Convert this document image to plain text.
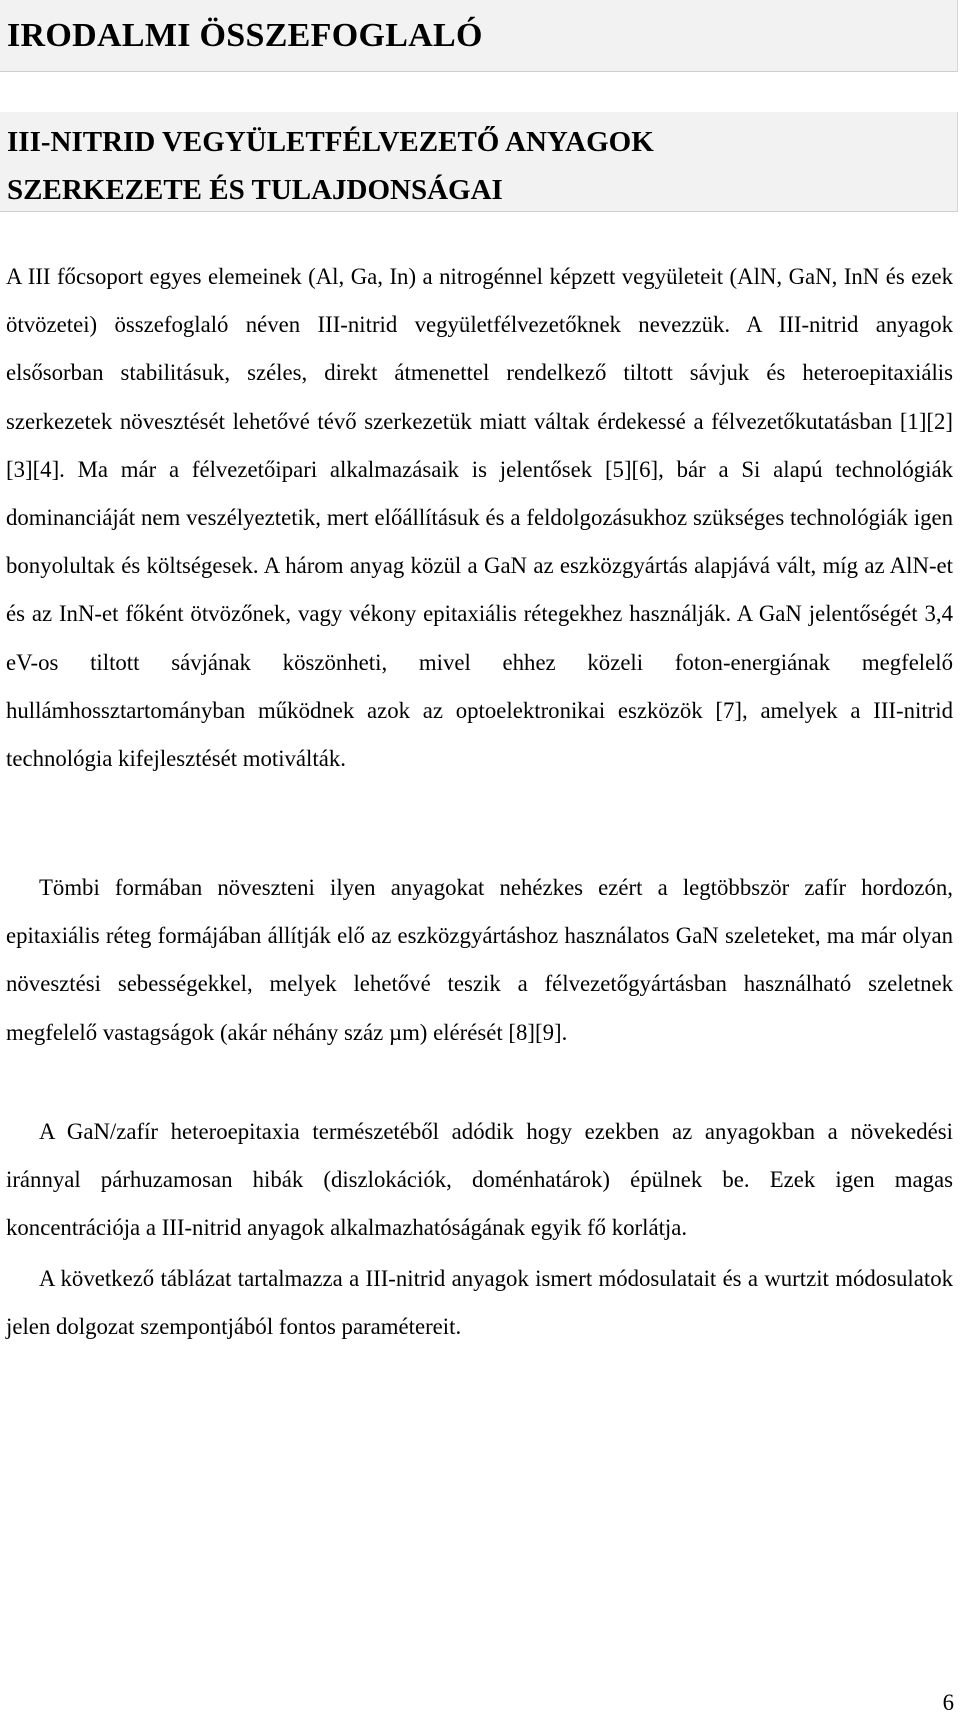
IRODALMI ÖSSZEFOGLALÓ
III-NITRID VEGYÜLETFÉLVEZETŐ ANYAGOK
SZERKEZETE ÉS TULAJDONSÁGAI

A III főcsoport egyes elemeinek (Al, Ga, In) a nitrogénnel képzett vegyületeit (AlN, GaN, InN és ezek ötvözetei) összefoglaló néven III-nitrid vegyületfélvezetőknek nevezzük. A III-nitrid anyagok elsősorban stabilitásuk, széles, direkt átmenettel rendelkező tiltott sávjuk és heteroepitaxiális szerkezetek növesztését lehetővé tévő szerkezetük miatt váltak érdekessé a félvezetőkutatásban [1][2][3][4]. Ma már a félvezetőipari alkalmazásaik is jelentősek [5][6], bár a Si alapú technológiák dominanciáját nem veszélyeztetik, mert előállításuk és a feldolgozásukhoz szükséges technológiák igen bonyolultak és költségesek. A három anyag közül a GaN az eszközgyártás alapjává vált, míg az AlN-et és az InN-et főként ötvözőnek, vagy vékony epitaxiális rétegekhez használják. A GaN jelentőségét 3,4 eV-os tiltott sávjának köszönheti, mivel ehhez közeli foton-energiának megfelelő hullámhossztartományban működnek azok az optoelektronikai eszközök [7], amelyek a III-nitrid technológia kifejlesztését motiválták.

Tömbi formában növeszteni ilyen anyagokat nehézkes ezért a legtöbbször zafír hordozón, epitaxiális réteg formájában állítják elő az eszközgyártáshoz használatos GaN szeleteket, ma már olyan növesztési sebességekkel, melyek lehetővé teszik a félvezetőgyártásban használható szeletnek megfelelő vastagságok (akár néhány száz µm) elérését [8][9].

A GaN/zafír heteroepitaxia természetéből adódik hogy ezekben az anyagokban a növekedési iránnyal párhuzamosan hibák (diszlokációk, doménhatárok) épülnek be. Ezek igen magas koncentrációja a III-nitrid anyagok alkalmazhatóságának egyik fő korlátja.

A következő táblázat tartalmazza a III-nitrid anyagok ismert módosulatait és a wurtzit módosulatok jelen dolgozat szempontjából fontos paramétereit.

6
